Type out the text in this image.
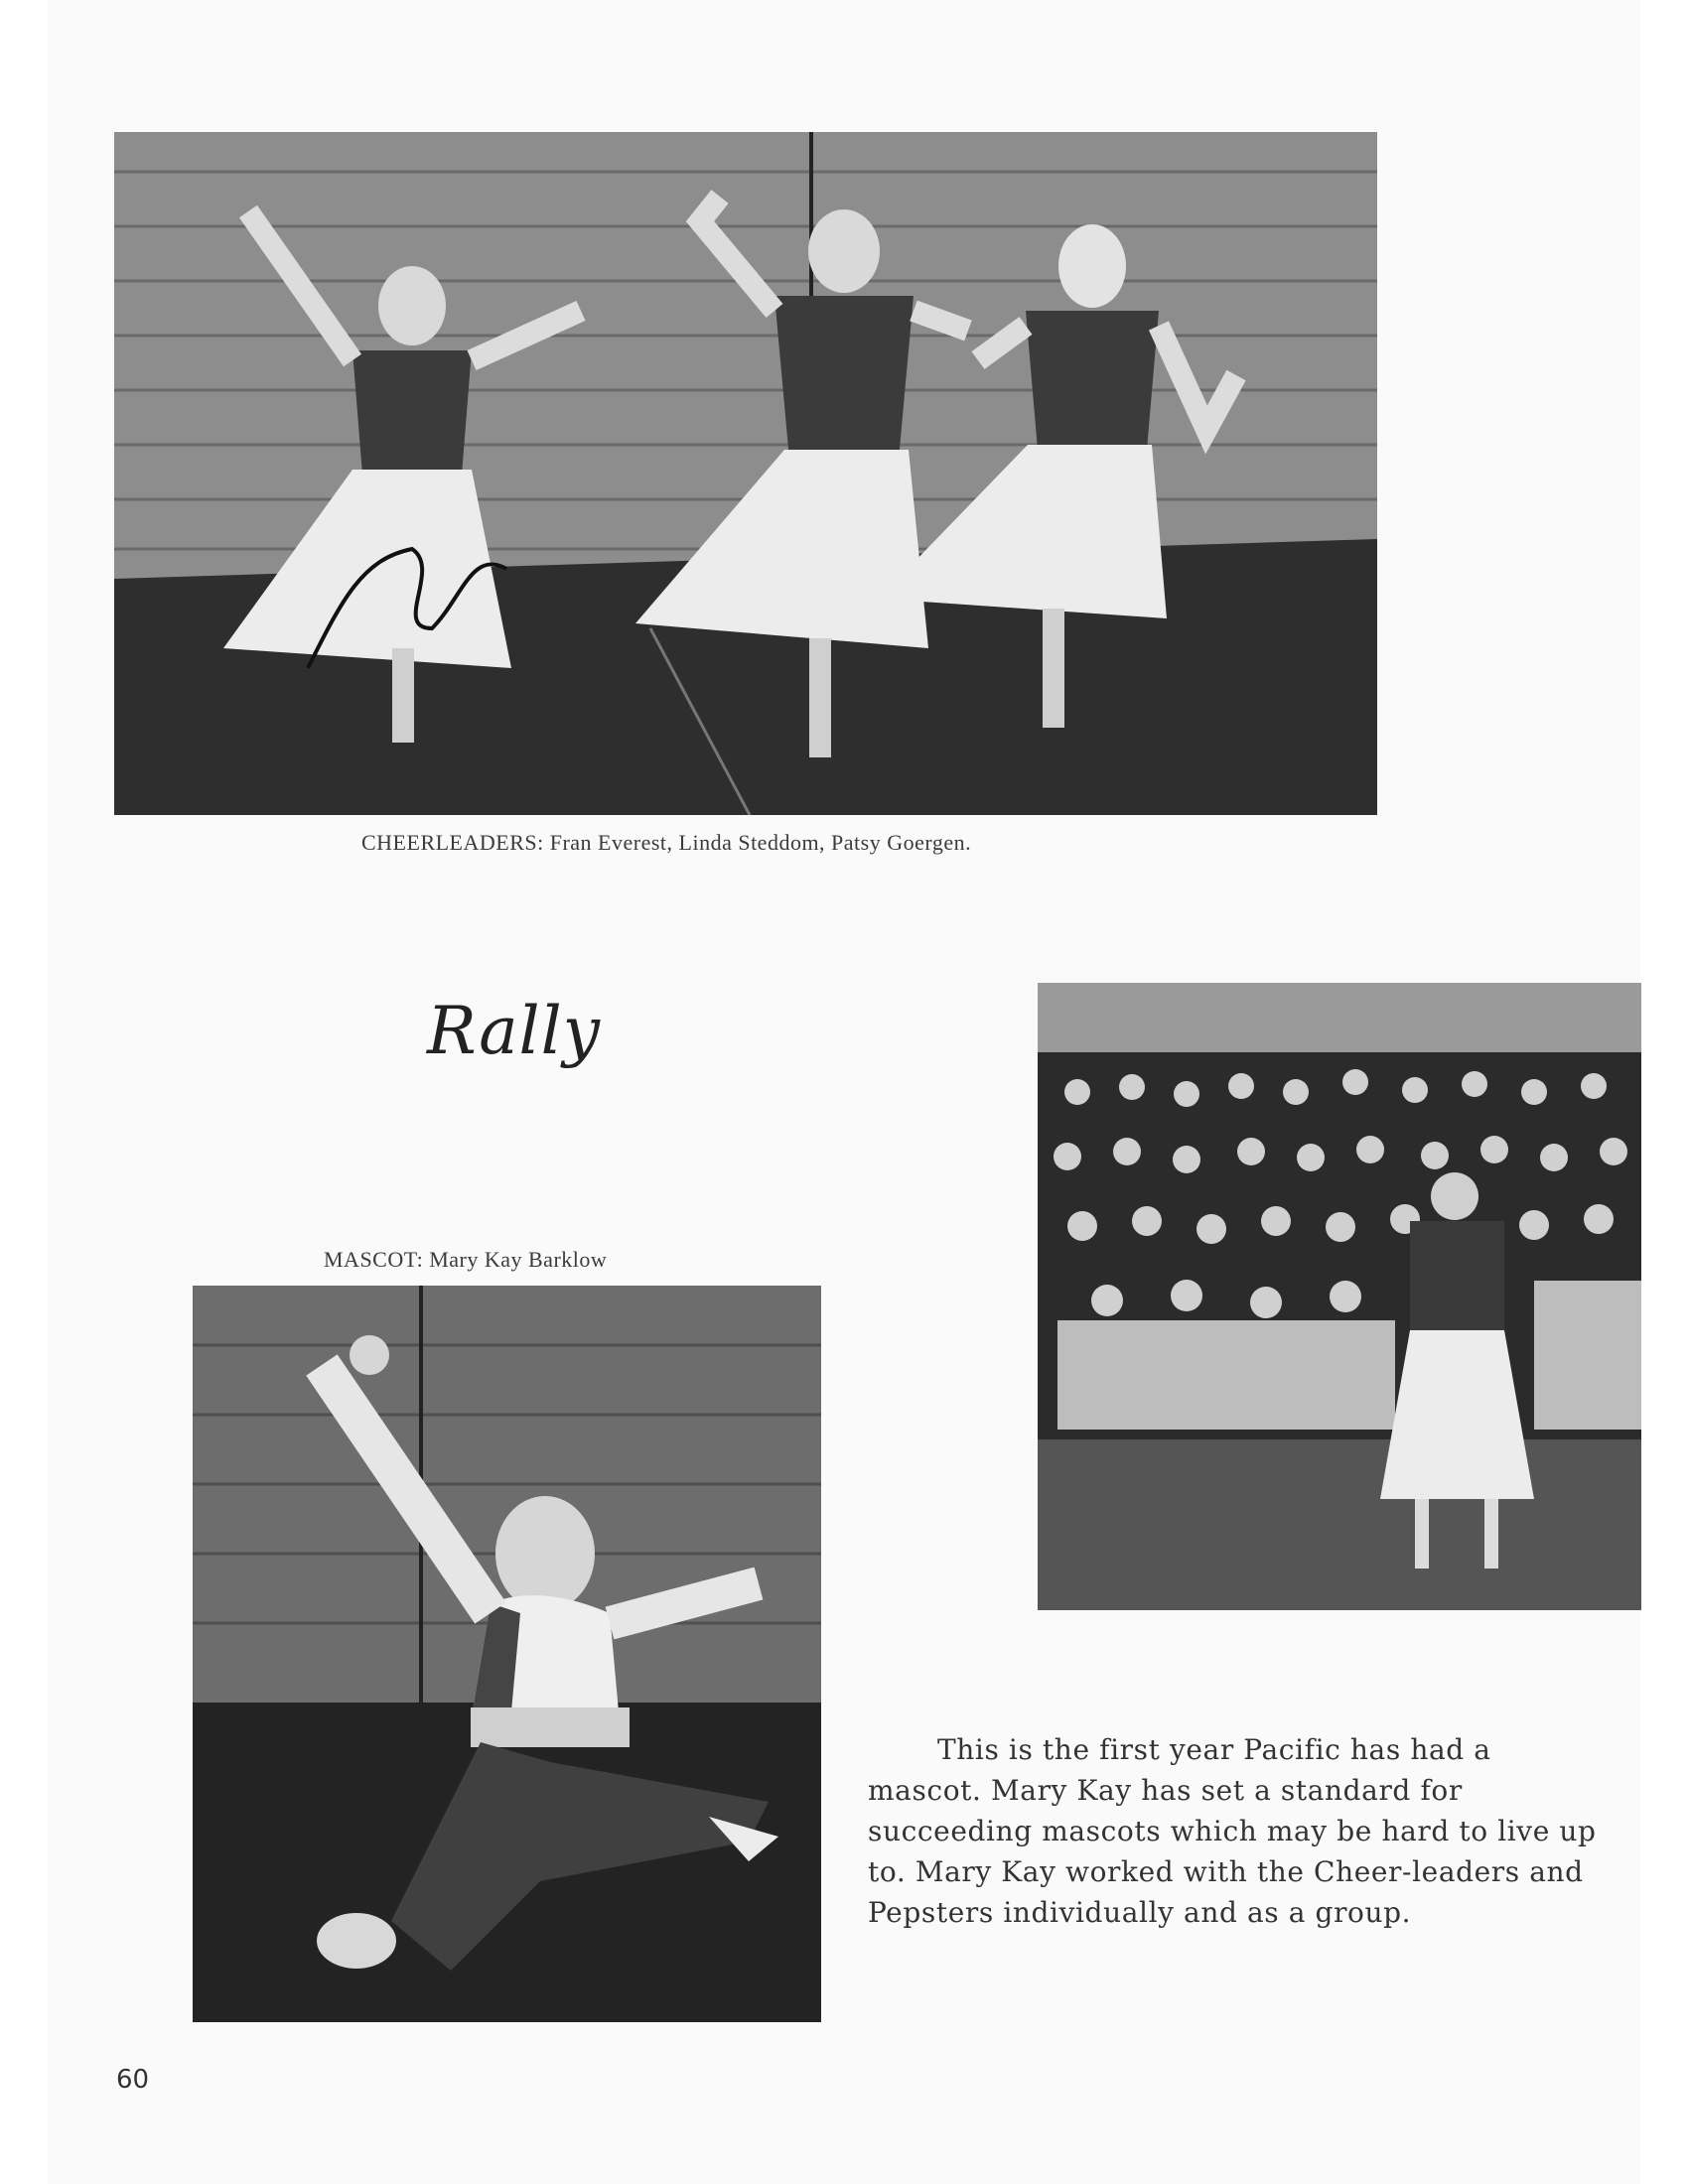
CHEERLEADERS: Fran Everest, Linda Steddom, Patsy Goergen.
Rally
MASCOT: Mary Kay Barklow

This is the first year Pacific has had a mascot. Mary Kay has set a standard for succeeding mascots which may be hard to live up to. Mary Kay worked with the Cheer-leaders and Pepsters individually and as a group.

60
